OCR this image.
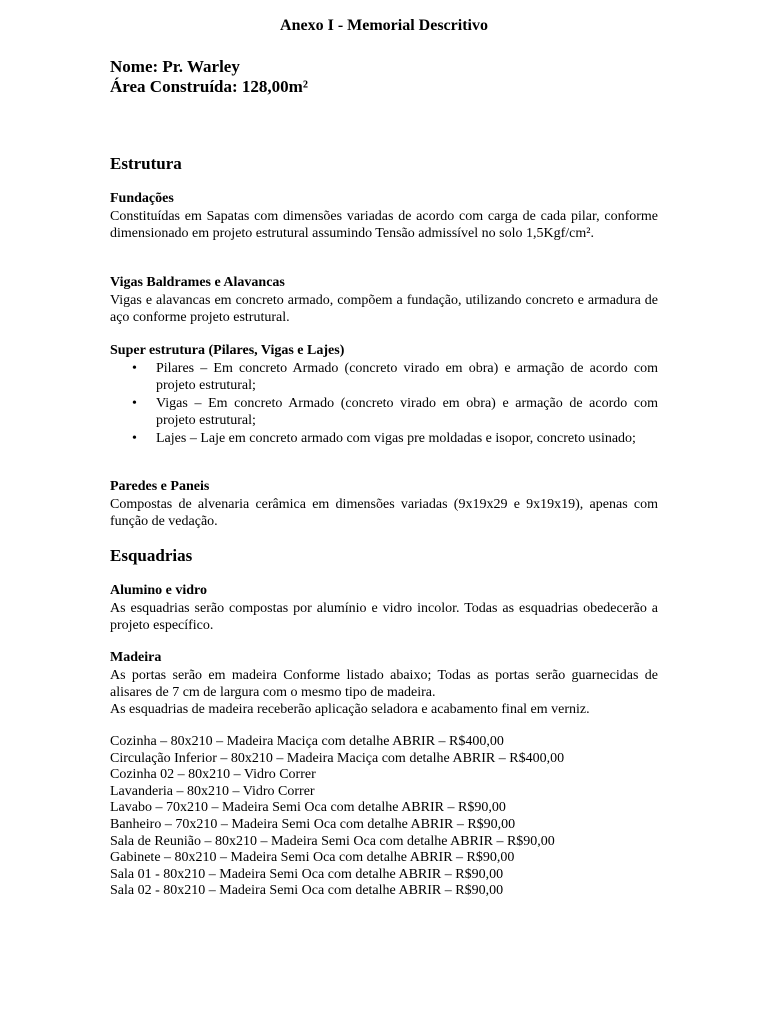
Anexo I - Memorial Descritivo
Nome: Pr. Warley
Área Construída: 128,00m²
Estrutura
Fundações
Constituídas em Sapatas com dimensões variadas de acordo com carga de cada pilar, conforme dimensionado em projeto estrutural assumindo Tensão admissível no solo 1,5Kgf/cm².
Vigas Baldrames e Alavancas
Vigas e alavancas em concreto armado, compõem a fundação, utilizando concreto e armadura de aço conforme projeto estrutural.
Super estrutura (Pilares, Vigas e Lajes)
• Pilares – Em concreto Armado (concreto virado em obra) e armação de acordo com projeto estrutural;
• Vigas – Em concreto Armado (concreto virado em obra) e armação de acordo com projeto estrutural;
• Lajes – Laje em concreto armado com vigas pre moldadas e isopor, concreto usinado;
Paredes e Paneis
Compostas de alvenaria cerâmica em dimensões variadas (9x19x29 e 9x19x19), apenas com função de vedação.
Esquadrias
Alumino e vidro
As esquadrias serão compostas por alumínio e vidro incolor. Todas as esquadrias obedecerão a projeto específico.
Madeira
As portas serão em madeira Conforme listado abaixo; Todas as portas serão guarnecidas de alisares de 7 cm de largura com o mesmo tipo de madeira.
As esquadrias de madeira receberão aplicação seladora e acabamento final em verniz.
Cozinha – 80x210 – Madeira Maciça com detalhe ABRIR – R$400,00
Circulação Inferior – 80x210 – Madeira Maciça com detalhe ABRIR – R$400,00
Cozinha 02 – 80x210 – Vidro Correr
Lavanderia – 80x210 – Vidro Correr
Lavabo – 70x210 – Madeira Semi Oca com detalhe ABRIR – R$90,00
Banheiro – 70x210 – Madeira Semi Oca com detalhe ABRIR – R$90,00
Sala de Reunião – 80x210 – Madeira Semi Oca com detalhe ABRIR – R$90,00
Gabinete – 80x210 – Madeira Semi Oca com detalhe ABRIR – R$90,00
Sala 01 - 80x210 – Madeira Semi Oca com detalhe ABRIR – R$90,00
Sala 02 - 80x210 – Madeira Semi Oca com detalhe ABRIR – R$90,00
